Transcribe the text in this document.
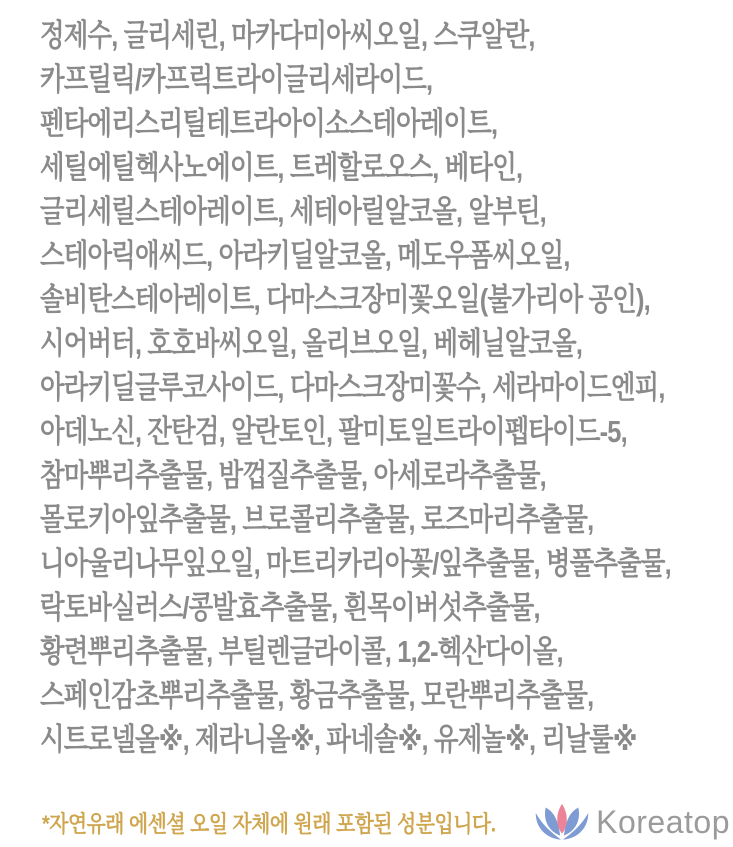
정제수, 글리세린, 마카다미아씨오일, 스쿠알란,
카프릴릭/카프릭트라이글리세라이드,
펜타에리스리틸테트라아이소스테아레이트,
세틸에틸헥사노에이트, 트레할로오스, 베타인,
글리세릴스테아레이트, 세테아릴알코올, 알부틴,
스테아릭애씨드, 아라키딜알코올, 메도우폼씨오일,
솔비탄스테아레이트, 다마스크장미꽃오일(불가리아 공인),
시어버터, 호호바씨오일, 올리브오일, 베헤닐알코올,
아라키딜글루코사이드, 다마스크장미꽃수, 세라마이드엔피,
아데노신, 잔탄검, 알란토인, 팔미토일트라이펩타이드-5,
참마뿌리추출물, 밤껍질추출물, 아세로라추출물,
몰로키아잎추출물, 브로콜리추출물, 로즈마리추출물,
니아울리나무잎오일, 마트리카리아꽃/잎추출물, 병풀추출물,
락토바실러스/콩발효추출물, 흰목이버섯추출물,
황련뿌리추출물, 부틸렌글라이콜, 1,2-헥산다이올,
스페인감초뿌리추출물, 황금추출물, 모란뿌리추출물,
시트로넬올※, 제라니올※, 파네솔※, 유제놀※, 리날룰※
*자연유래 에센셜 오일 자체에 원래 포함된 성분입니다.	Koreatop
